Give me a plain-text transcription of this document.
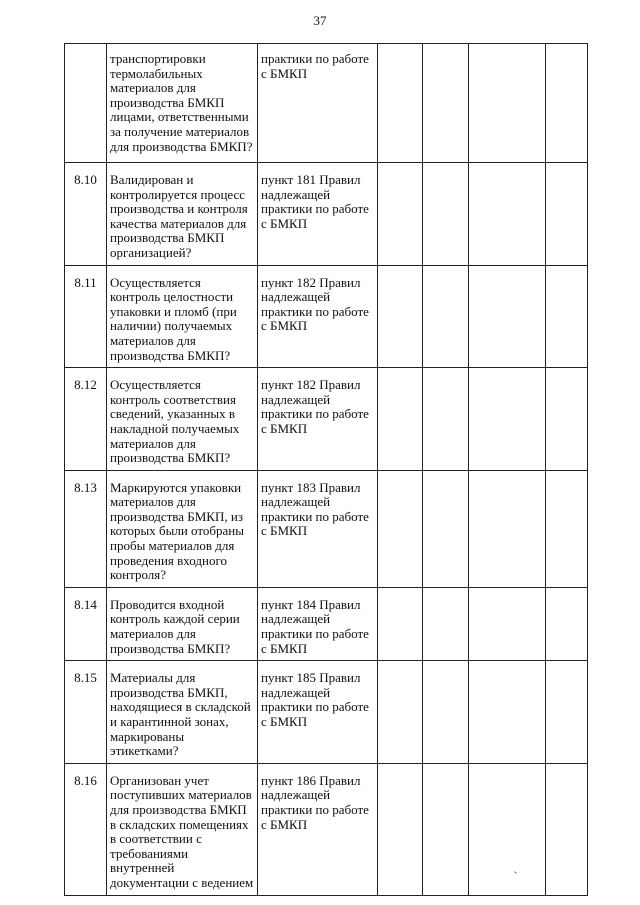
37
	транспортировки термолабильных материалов для производства БМКП лицами, ответственными за получение материалов для производства БМКП?	практики по работе с БМКП				
8.10	Валидирован и контролируется процесс производства и контроля качества материалов для производства БМКП организацией?	пункт 181 Правил надлежащей практики по работе с БМКП				
8.11	Осуществляется контроль целостности упаковки и пломб (при наличии) получаемых материалов для производства БМКП?	пункт 182 Правил надлежащей практики по работе с БМКП				
8.12	Осуществляется контроль соответствия сведений, указанных в накладной получаемых материалов для производства БМКП?	пункт 182 Правил надлежащей практики по работе с БМКП				
8.13	Маркируются упаковки материалов для производства БМКП, из которых были отобраны пробы материалов для проведения входного контроля?	пункт 183 Правил надлежащей практики по работе с БМКП				
8.14	Проводится входной контроль каждой серии материалов для производства БМКП?	пункт 184 Правил надлежащей практики по работе с БМКП				
8.15	Материалы для производства БМКП, находящиеся в складской и карантинной зонах, маркированы этикетками?	пункт 185 Правил надлежащей практики по работе с БМКП				
8.16	Организован учет поступивших материалов для производства БМКП в складских помещениях в соответствии с требованиями внутренней документации с ведением	пункт 186 Правил надлежащей практики по работе с БМКП				
